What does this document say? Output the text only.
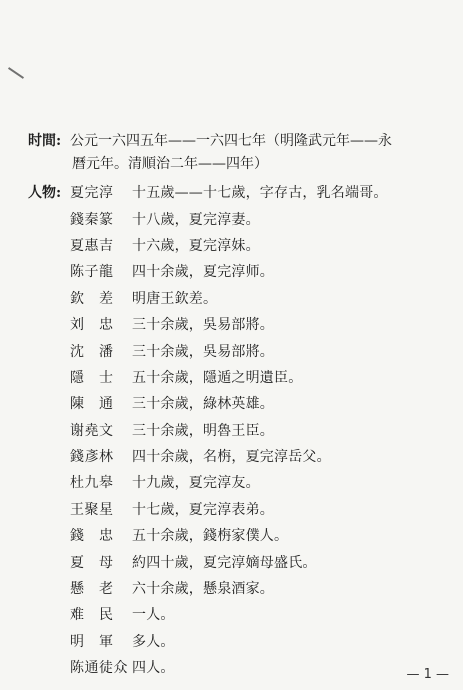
时間: 公元一六四五年——一六四七年（明隆武元年——永
曆元年。清順治二年——四年）
人物: 夏完淳	十五歲——十七歲，字存古，乳名端哥。
錢秦篆	十八歲，夏完淳妻。
夏惠吉	十六歲，夏完淳妹。
陈子龍	四十余歲，夏完淳师。
欽　差	明唐王欽差。
刘　忠	三十余歲，吳易部將。
沈　潘	三十余歲，吳易部將。
隱　士	五十余歲，隱遁之明遺臣。
陳　通	三十余歲，綠林英雄。
谢堯文	三十余歲，明魯王臣。
錢彥林	四十余歲，名栴，夏完淳岳父。
杜九皋	十九歲，夏完淳友。
王聚星	十七歲，夏完淳表弟。
錢　忠	五十余歲，錢栴家僕人。
夏　母	約四十歲，夏完淳嫡母盛氏。
懸　老	六十余歲，懸泉酒家。
难　民	一人。
明　軍	多人。
陈通徒众 四人。	— 1 —
